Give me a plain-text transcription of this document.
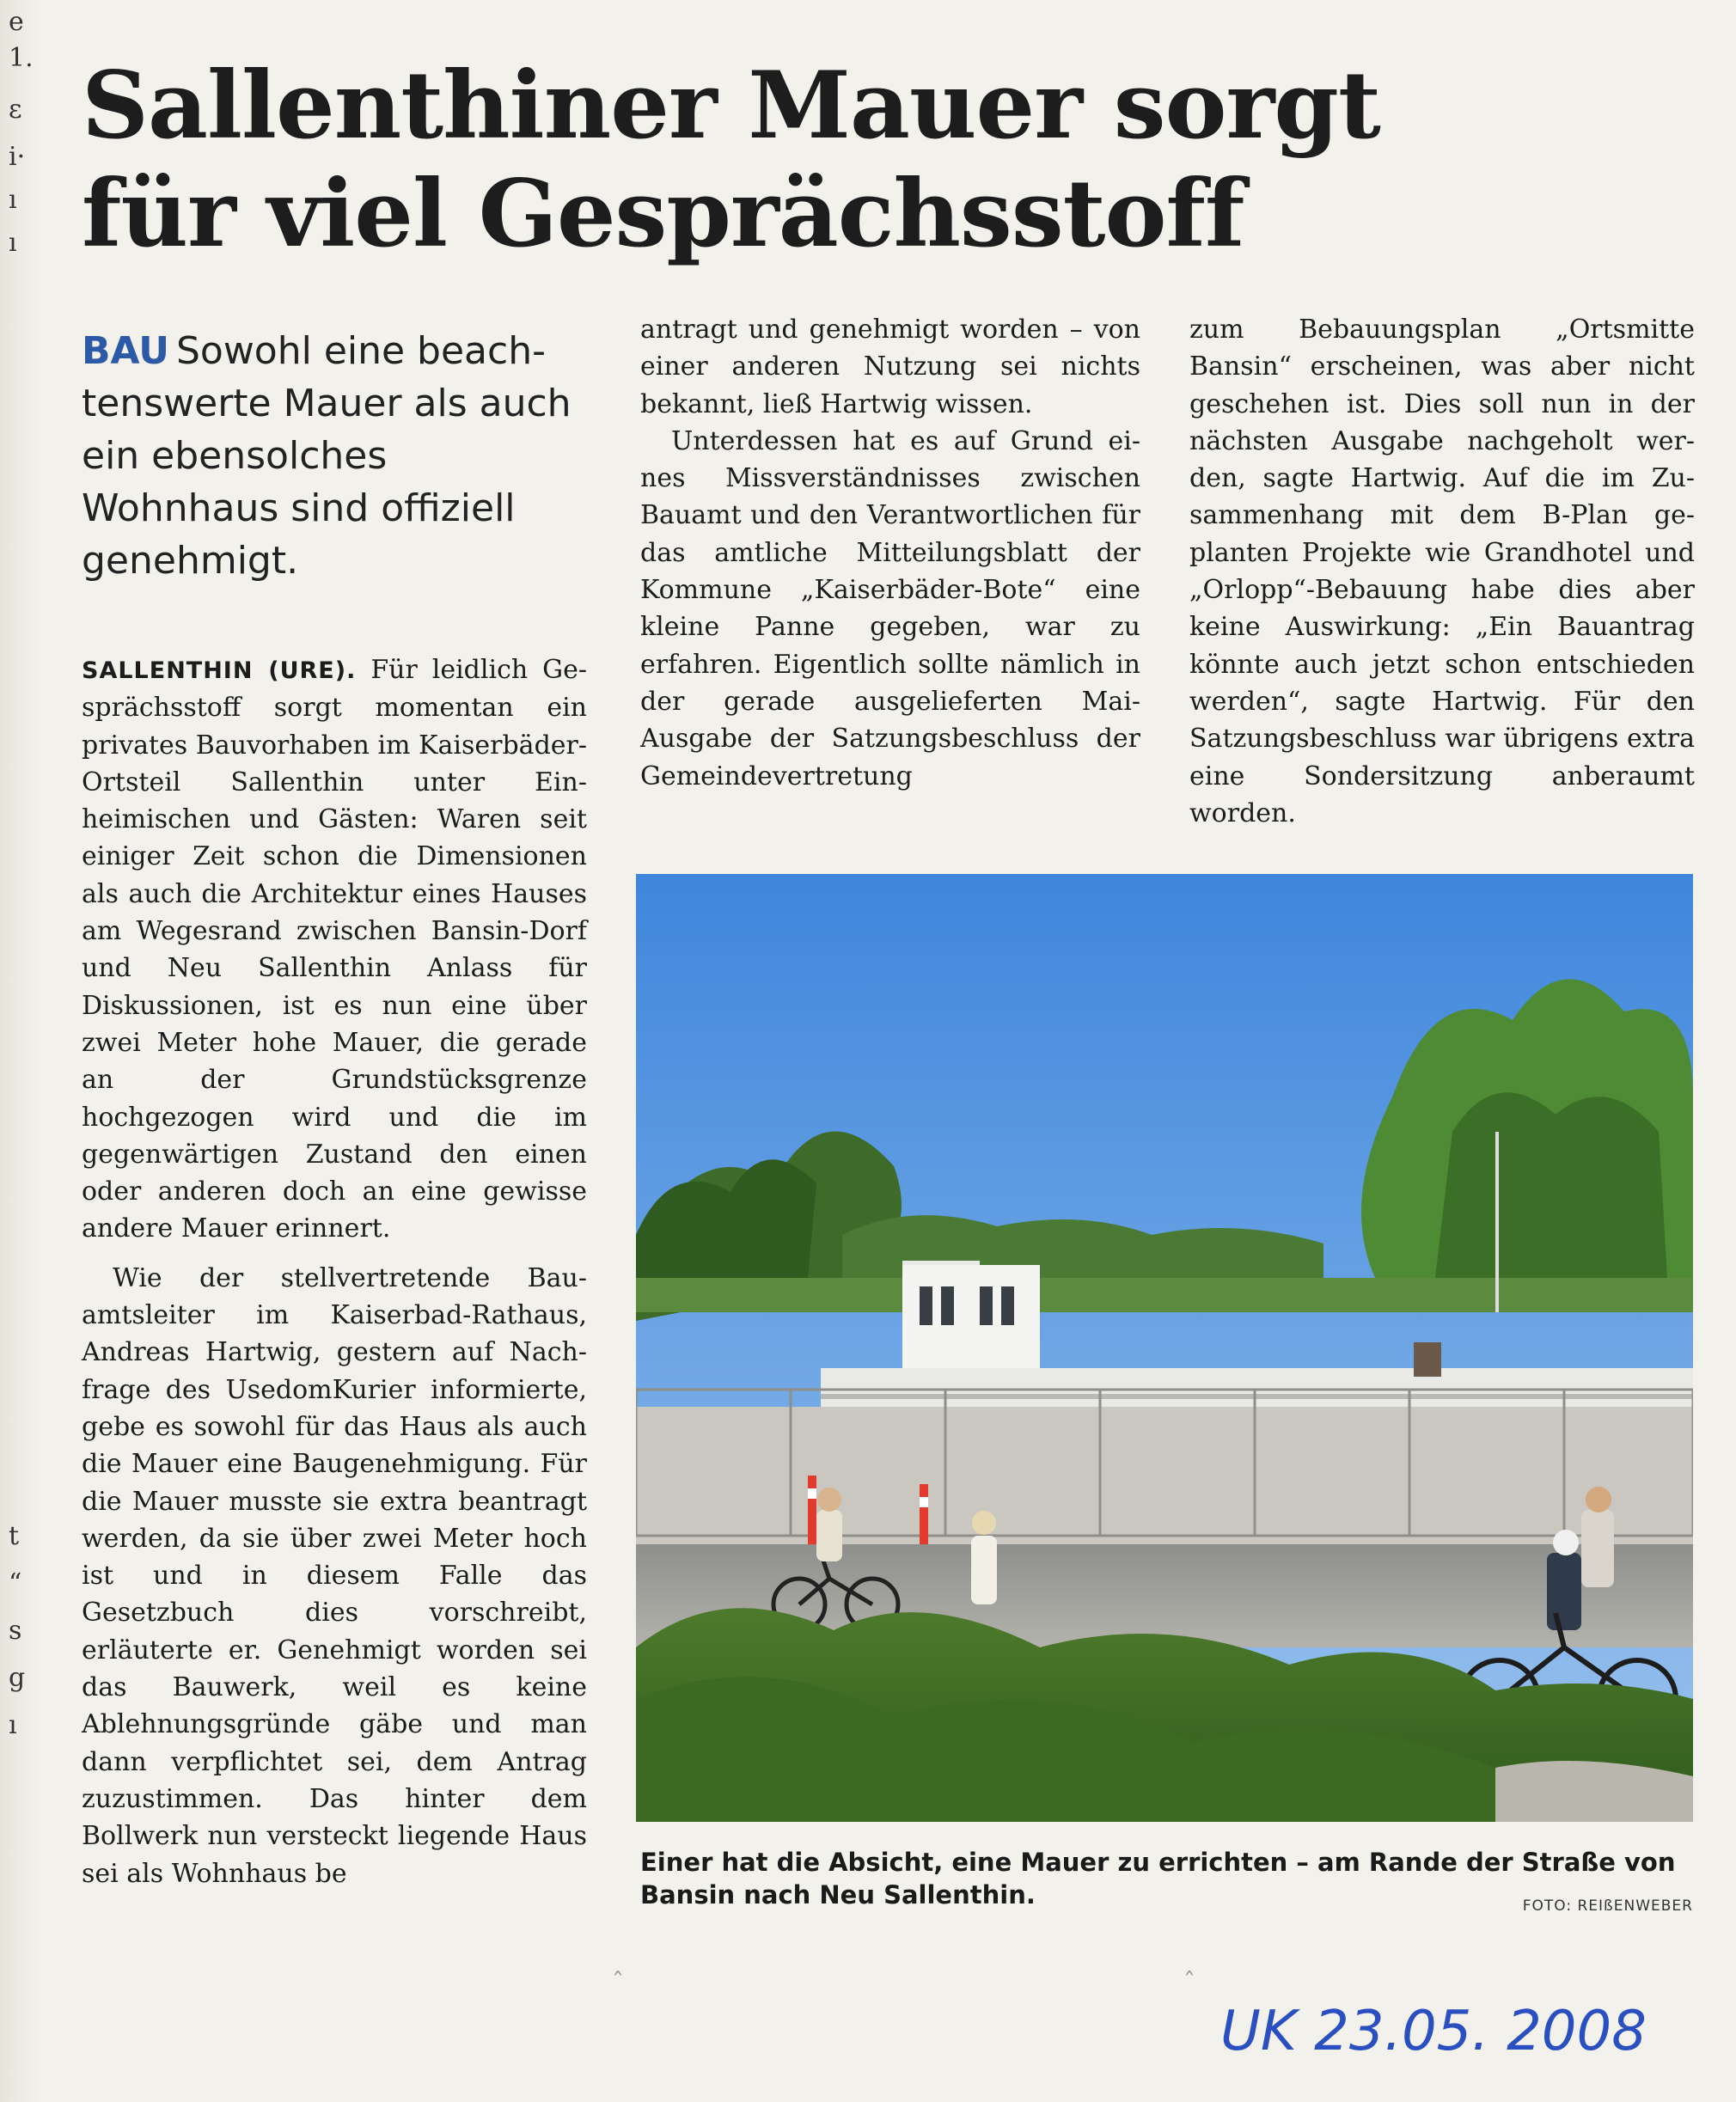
e
1.
ɛ
i·
ı
ı
t
“
s
g
ı
Sallenthiner Mauer sorgt
für viel Gesprächsstoff
BAU Sowohl eine beachtenswerte Mauer als auch ein ebensolches Wohnhaus sind offiziell genehmigt.

SALLENTHIN (URE). Für leidlich Gesprächsstoff sorgt momentan ein privates Bauvorhaben im Kaiserbäder-Ortsteil Sallenthin unter Einheimischen und Gästen: Waren seit einiger Zeit schon die Dimensionen als auch die Architektur eines Hauses am Wegesrand zwischen Bansin-Dorf und Neu Sallenthin Anlass für Diskussionen, ist es nun eine über zwei Meter hohe Mauer, die gerade an der Grundstücksgrenze hochgezogen wird und die im gegenwärtigen Zustand den einen oder anderen doch an eine gewisse andere Mauer erinnert.

Wie der stellvertretende Bauamtsleiter im Kaiserbad-Rathaus, Andreas Hartwig, gestern auf Nachfrage des UsedomKurier informierte, gebe es sowohl für das Haus als auch die Mauer eine Baugenehmigung. Für die Mauer musste sie extra beantragt werden, da sie über zwei Meter hoch ist und in diesem Falle das Gesetzbuch dies vorschreibt, erläuterte er. Genehmigt worden sei das Bauwerk, weil es keine Ablehnungsgründe gäbe und man dann verpflichtet sei, dem Antrag zuzustimmen. Das hinter dem Bollwerk nun versteckt liegende Haus sei als Wohnhaus be

antragt und genehmigt worden – von einer anderen Nutzung sei nichts bekannt, ließ Hartwig wissen.

Unterdessen hat es auf Grund eines Missverständnisses zwischen Bauamt und den Verantwortlichen für das amtliche Mitteilungsblatt der Kommune „Kaiserbäder-Bote“ eine kleine Panne gegeben, war zu erfahren. Eigentlich sollte nämlich in der gerade ausgelieferten Mai-Ausgabe der Satzungsbeschluss der Gemeindevertretung

zum Bebauungsplan „Ortsmitte Bansin“ erscheinen, was aber nicht geschehen ist. Dies soll nun in der nächsten Ausgabe nachgeholt werden, sagte Hartwig. Auf die im Zusammenhang mit dem B-Plan geplanten Projekte wie Grandhotel und „Orlopp“-Bebauung habe dies aber keine Auswirkung: „Ein Bauantrag könnte auch jetzt schon entschieden werden“, sagte Hartwig. Für den Satzungsbeschluss war übrigens extra eine Sondersitzung anberaumt worden.

Einer hat die Absicht, eine Mauer zu errichten – am Rande der Straße von Bansin nach Neu Sallenthin.	FOTO: REIßENWEBER
UK 23.05. 2008
ˆ	ˆ
